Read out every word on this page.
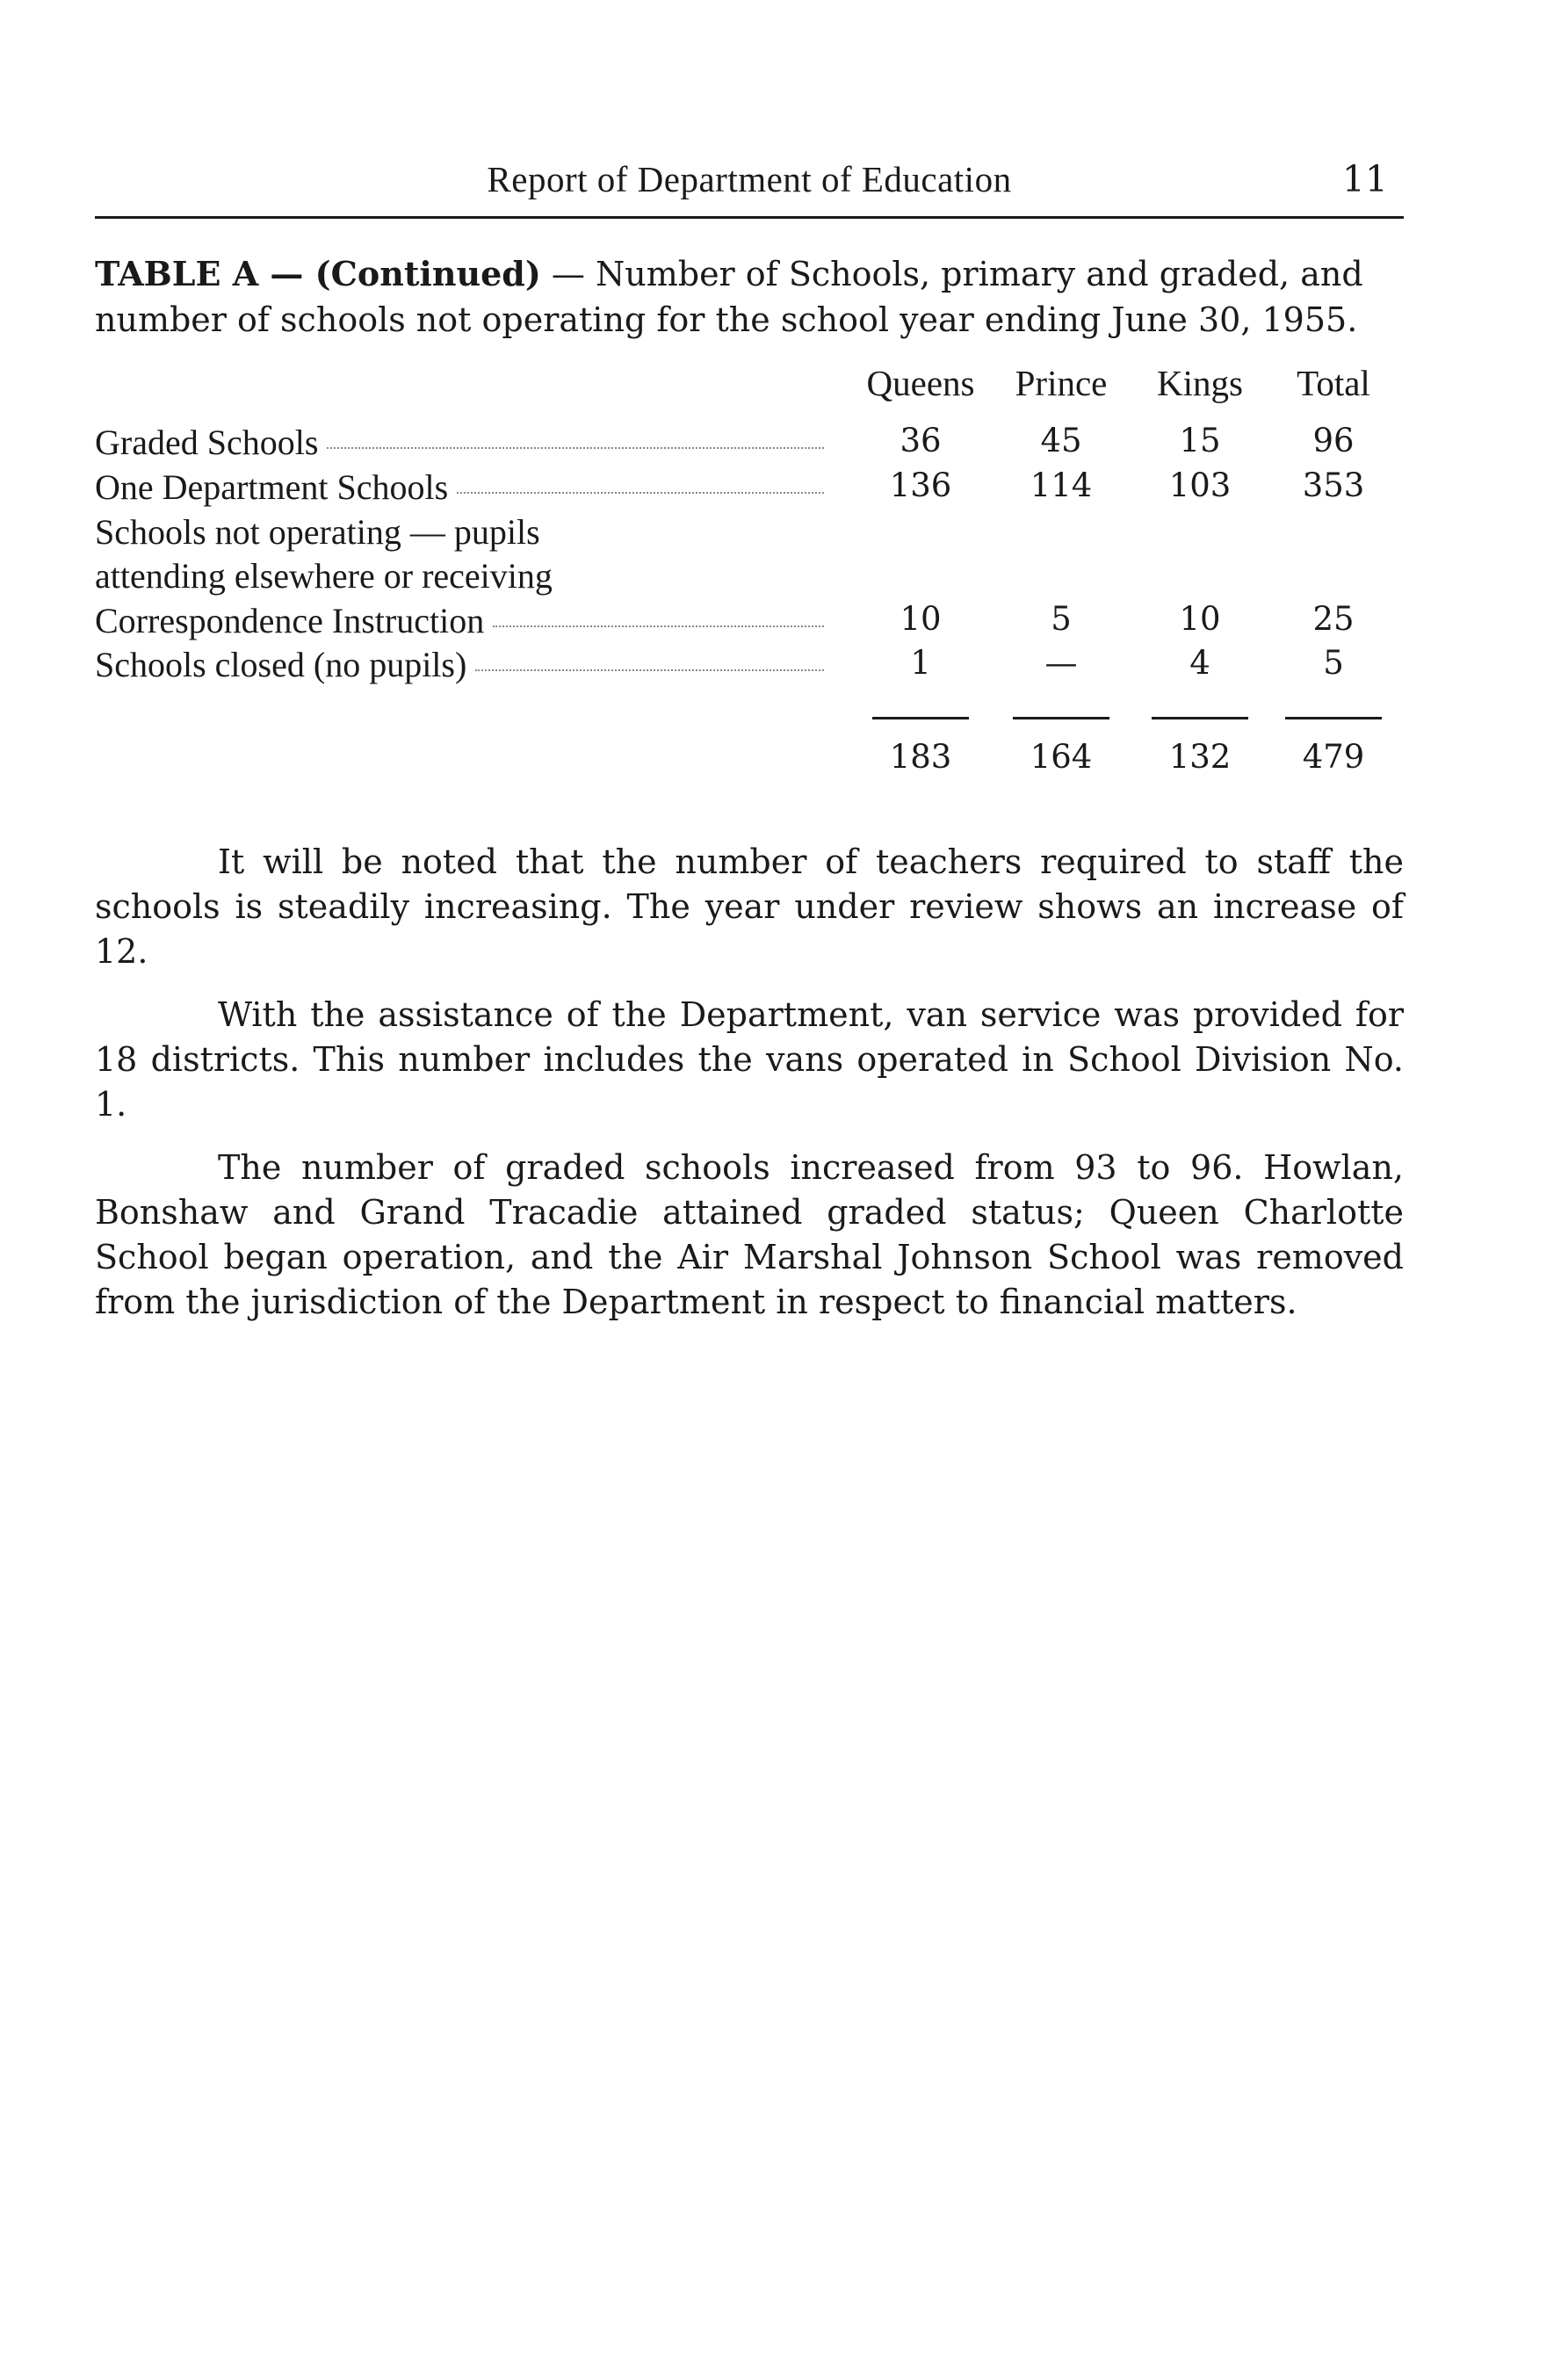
Report of Department of Education	11
TABLE A — (Continued) — Number of Schools, primary and graded, and number of schools not operating for the school year ending June 30, 1955.
Queens	Prince	Kings	Total
Graded Schools	36	45	15	96
One Department Schools	136	114	103	353
Schools not operating — pupils
attending elsewhere or receiving
Correspondence Instruction	10	5	10	25
Schools closed (no pupils)	1	—	4	5
183	164	132	479
It will be noted that the number of teachers required to staff the schools is steadily increasing. The year under review shows an increase of 12.
With the assistance of the Department, van service was provided for 18 districts. This number includes the vans operated in School Division No. 1.
The number of graded schools increased from 93 to 96. Howlan, Bonshaw and Grand Tracadie attained graded status; Queen Charlotte School began operation, and the Air Marshal Johnson School was removed from the jurisdiction of the Department in respect to financial matters.
